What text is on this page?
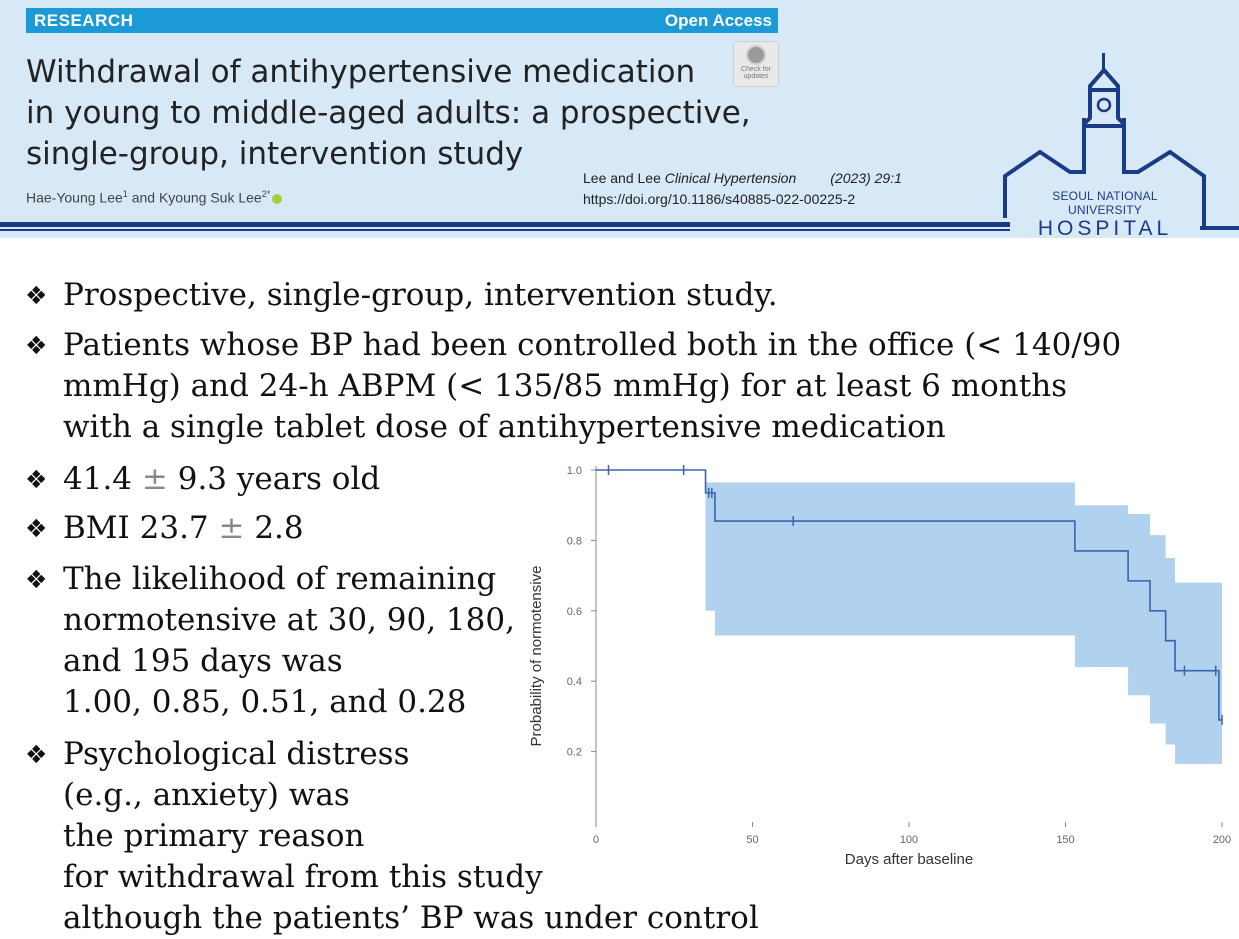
RESEARCH	Open Access
Check for
updates
Withdrawal of antihypertensive medication
in young to middle-aged adults: a prospective,
single-group, intervention study
Hae-Young Lee$^1$ and Kyoung Suk Lee$^{2*}$
Lee and Lee Clinical Hypertension (2023) 29:1
https://doi.org/10.1186/s40885-022-00225-2	SEOUL NATIONAL UNIVERSITY
HOSPITAL
❖ Prospective, single-group, intervention study.
❖ Patients whose BP had been controlled both in the office (< 140/90
mmHg) and 24-h ABPM (< 135/85 mmHg) for at least 6 months
with a single tablet dose of antihypertensive medication
❖ 41.4 ± 9.3 years old
❖ BMI 23.7 ± 2.8
❖ The likelihood of remaining
normotensive at 30, 90, 180,
and 195 days was
1.00, 0.85, 0.51, and 0.28
❖ Psychological distress
(e.g., anxiety) was
the primary reason
for withdrawal from this study
although the patients’ BP was under control
0.2
0.4
0.6
0.8
1.0
0	50	100	150	200
Days after baseline
Probability of normotensive
